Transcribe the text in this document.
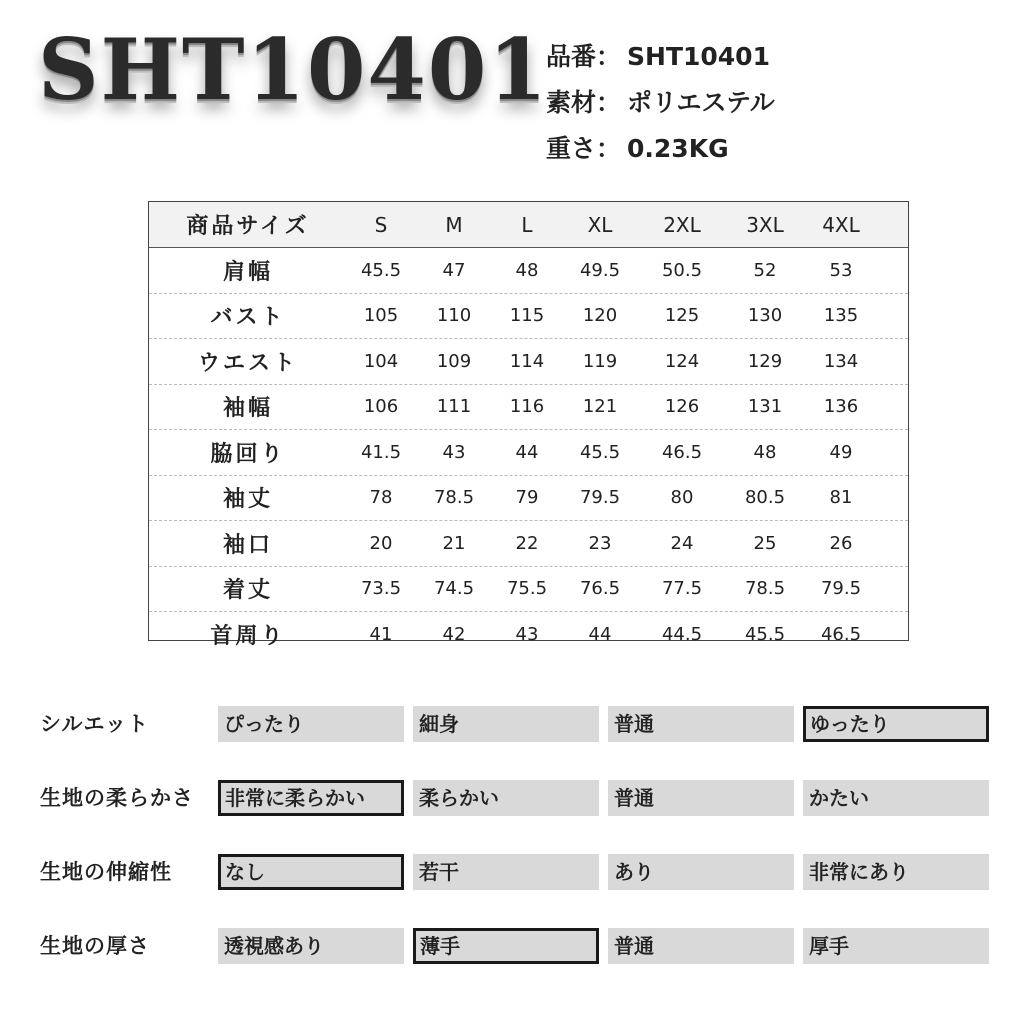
SHT10401
品番： SHT10401
素材： ポリエステル
重さ： 0.23KG
商品サイズ	S	M	L	XL	2XL	3XL	4XL
肩幅	45.5	47	48	49.5	50.5	52	53
バスト	105	110	115	120	125	130	135
ウエスト	104	109	114	119	124	129	134
袖幅	106	111	116	121	126	131	136
脇回り	41.5	43	44	45.5	46.5	48	49
袖丈	78	78.5	79	79.5	80	80.5	81
袖口	20	21	22	23	24	25	26
着丈	73.5	74.5	75.5	76.5	77.5	78.5	79.5
首周り	41	42	43	44	44.5	45.5	46.5
シルエット	ぴったり	細身	普通	ゆったり
生地の柔らかさ	非常に柔らかい	柔らかい	普通	かたい
生地の伸縮性	なし	若干	あり	非常にあり
生地の厚さ	透視感あり	薄手	普通	厚手
